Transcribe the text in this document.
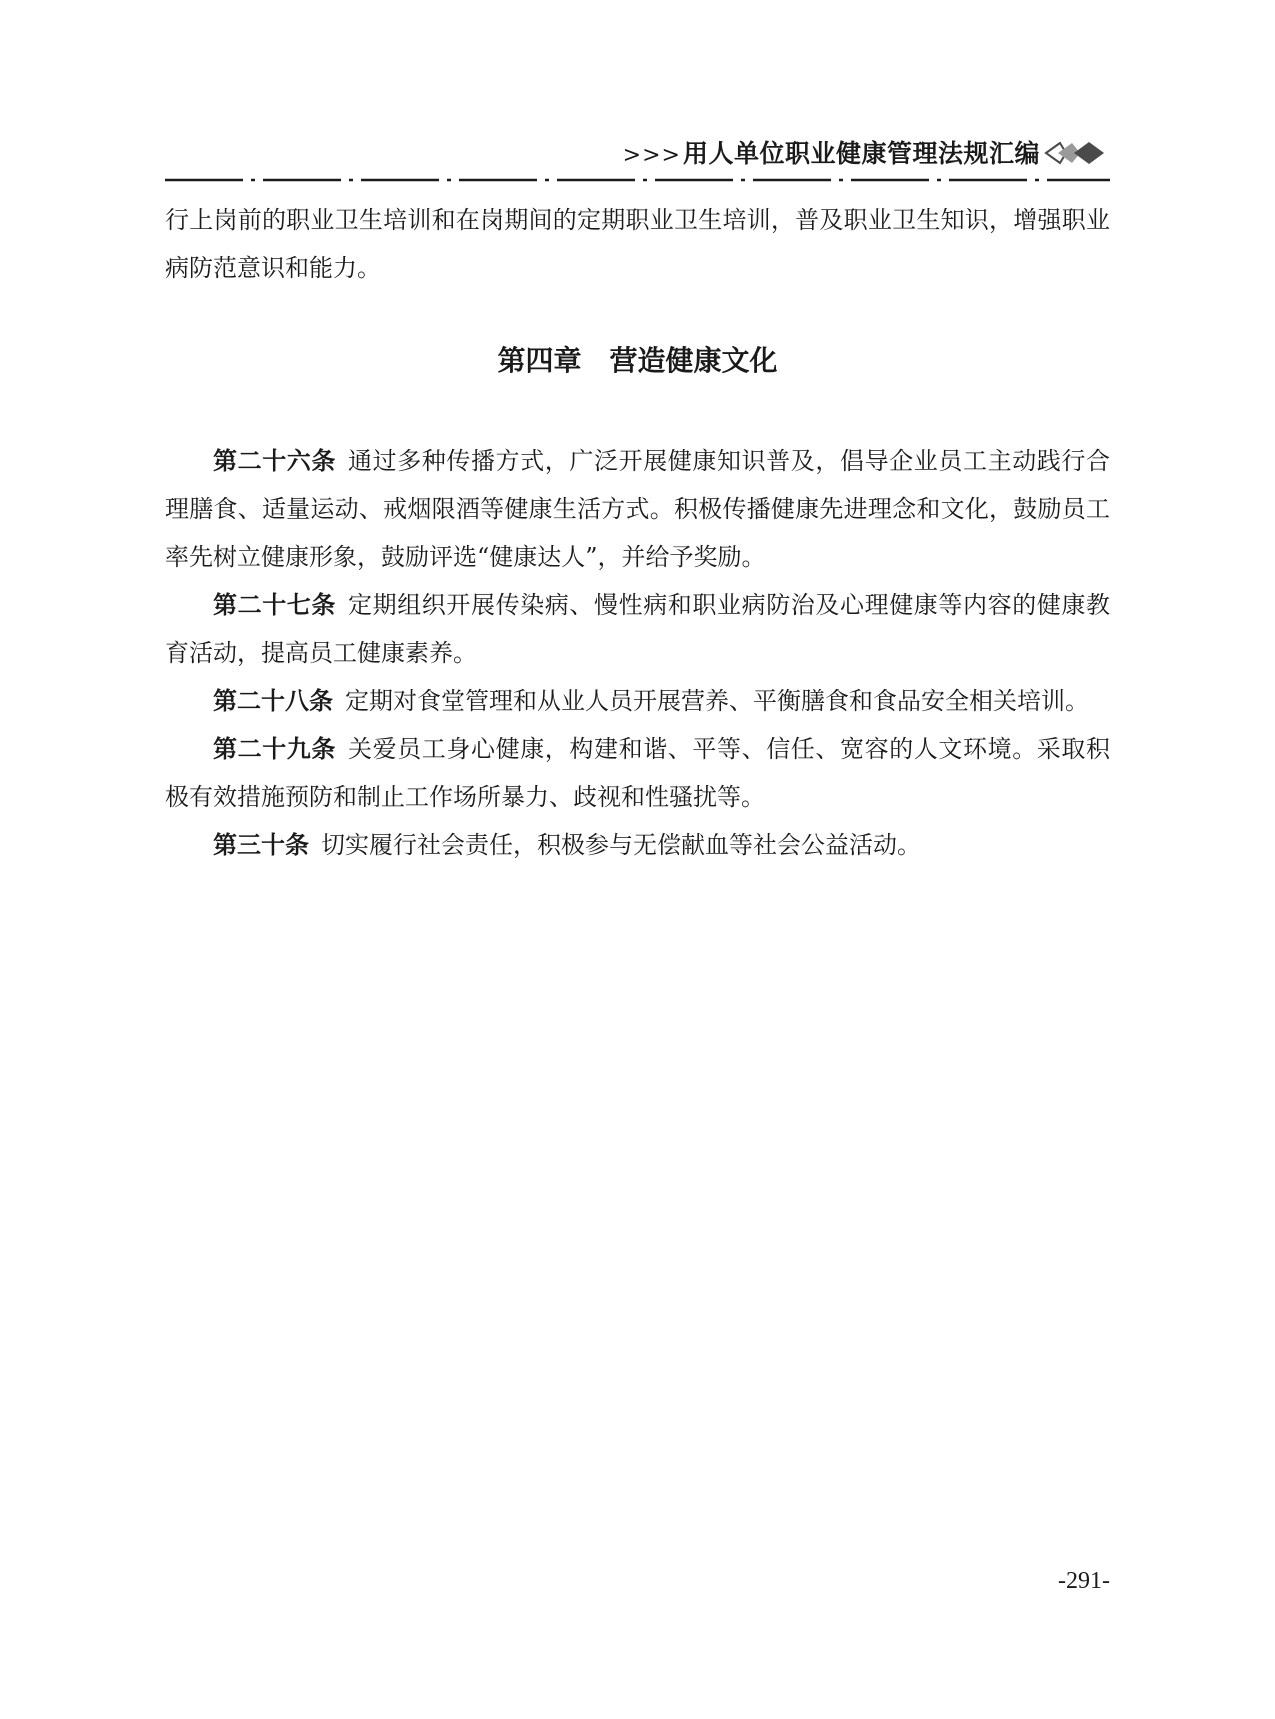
>>>用人单位职业健康管理法规汇编

行上岗前的职业卫生培训和在岗期间的定期职业卫生培训，普及职业卫生知识，增强职业病防范意识和能力。

第四章　营造健康文化

第二十六条 通过多种传播方式，广泛开展健康知识普及，倡导企业员工主动践行合理膳食、适量运动、戒烟限酒等健康生活方式。积极传播健康先进理念和文化，鼓励员工率先树立健康形象，鼓励评选“健康达人”，并给予奖励。

第二十七条 定期组织开展传染病、慢性病和职业病防治及心理健康等内容的健康教育活动，提高员工健康素养。

第二十八条 定期对食堂管理和从业人员开展营养、平衡膳食和食品安全相关培训。

第二十九条 关爱员工身心健康，构建和谐、平等、信任、宽容的人文环境。采取积极有效措施预防和制止工作场所暴力、歧视和性骚扰等。

第三十条 切实履行社会责任，积极参与无偿献血等社会公益活动。

-291-
